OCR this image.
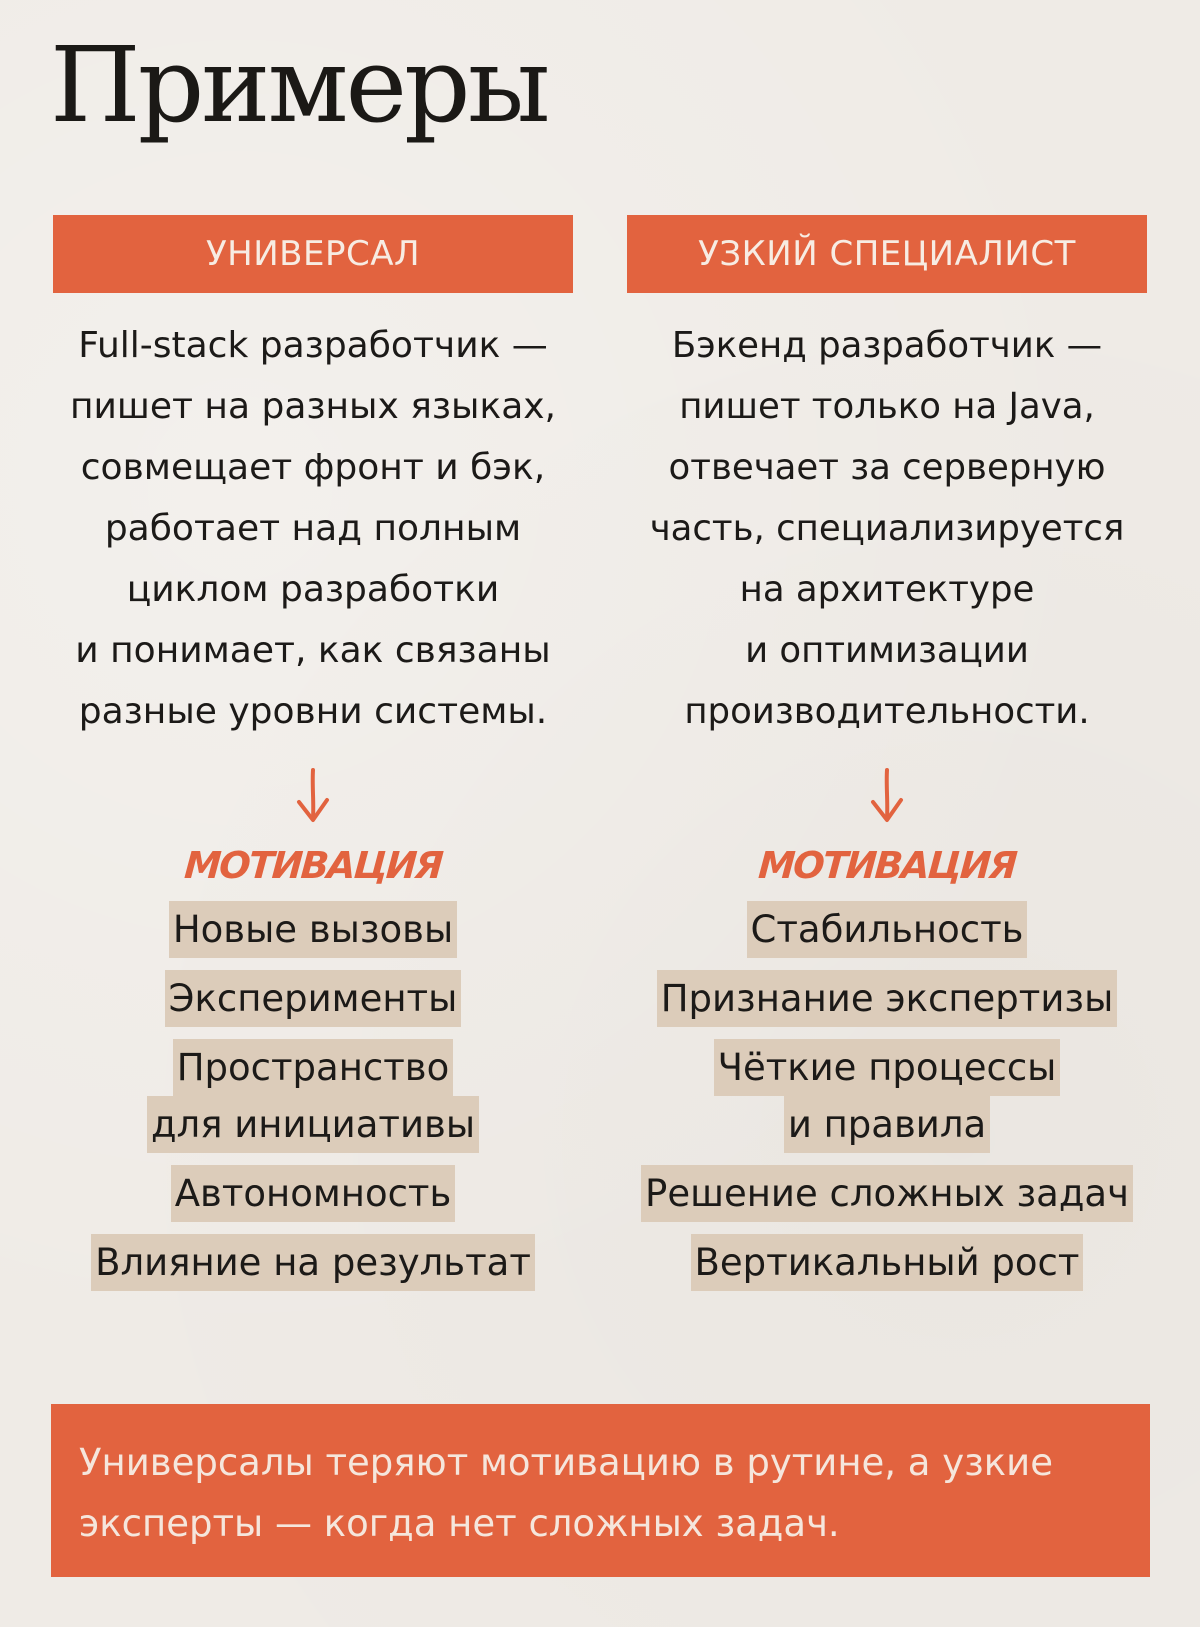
Примеры
УНИВЕРСАЛ

Full-stack разработчик —
пишет на разных языках,
совмещает фронт и бэк,
работает над полным
циклом разработки
и понимает, как связаны
разные уровни системы.

МОТИВАЦИЯ
Новые вызовы
Эксперименты
Пространство
для инициативы
Автономность
Влияние на результат
УЗКИЙ СПЕЦИАЛИСТ

Бэкенд разработчик —
пишет только на Java,
отвечает за серверную
часть, специализируется
на архитектуре
и оптимизации
производительности.

МОТИВАЦИЯ
Стабильность
Признание экспертизы
Чёткие процессы
и правила
Решение сложных задач
Вертикальный рост

Универсалы теряют мотивацию в рутине, а узкие
эксперты — когда нет сложных задач.
